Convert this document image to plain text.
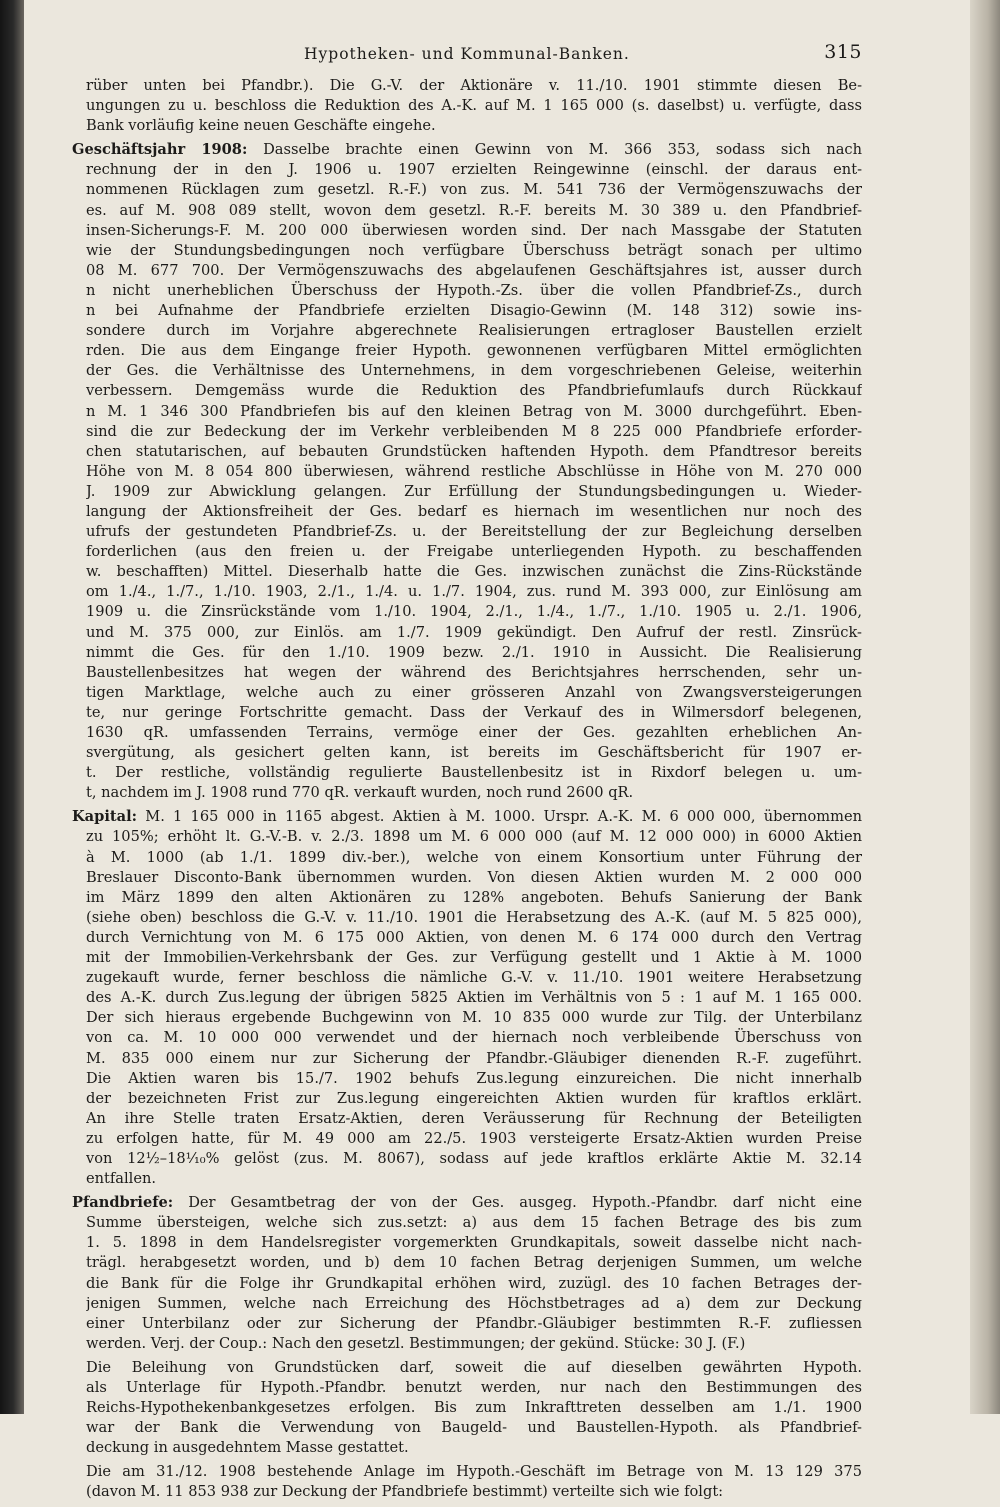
Hypotheken- und Kommunal-Banken.	315
rüber unten bei Pfandbr.). Die G.-V. der Aktionäre v. 11./10. 1901 stimmte diesen Be-
ungungen zu u. beschloss die Reduktion des A.-K. auf M. 1 165 000 (s. daselbst) u. verfügte, dass
Bank vorläufig keine neuen Geschäfte eingehe.
Geschäftsjahr 1908: Dasselbe brachte einen Gewinn von M. 366 353, sodass sich nach
rechnung der in den J. 1906 u. 1907 erzielten Reingewinne (einschl. der daraus ent-
nommenen Rücklagen zum gesetzl. R.-F.) von zus. M. 541 736 der Vermögenszuwachs der
es. auf M. 908 089 stellt, wovon dem gesetzl. R.-F. bereits M. 30 389 u. den Pfandbrief-
insen-Sicherungs-F. M. 200 000 überwiesen worden sind. Der nach Massgabe der Statuten
wie der Stundungsbedingungen noch verfügbare Überschuss beträgt sonach per ultimo
08 M. 677 700. Der Vermögenszuwachs des abgelaufenen Geschäftsjahres ist, ausser durch
n nicht unerheblichen Überschuss der Hypoth.-Zs. über die vollen Pfandbrief-Zs., durch
n bei Aufnahme der Pfandbriefe erzielten Disagio-Gewinn (M. 148 312) sowie ins-
sondere durch im Vorjahre abgerechnete Realisierungen ertragloser Baustellen erzielt
rden. Die aus dem Eingange freier Hypoth. gewonnenen verfügbaren Mittel ermöglichten
der Ges. die Verhältnisse des Unternehmens, in dem vorgeschriebenen Geleise, weiterhin
verbessern. Demgemäss wurde die Reduktion des Pfandbriefumlaufs durch Rückkauf
n M. 1 346 300 Pfandbriefen bis auf den kleinen Betrag von M. 3000 durchgeführt. Eben-
sind die zur Bedeckung der im Verkehr verbleibenden M 8 225 000 Pfandbriefe erforder-
chen statutarischen, auf bebauten Grundstücken haftenden Hypoth. dem Pfandtresor bereits
Höhe von M. 8 054 800 überwiesen, während restliche Abschlüsse in Höhe von M. 270 000
J. 1909 zur Abwicklung gelangen. Zur Erfüllung der Stundungsbedingungen u. Wieder-
langung der Aktionsfreiheit der Ges. bedarf es hiernach im wesentlichen nur noch des
ufrufs der gestundeten Pfandbrief-Zs. u. der Bereitstellung der zur Begleichung derselben
forderlichen (aus den freien u. der Freigabe unterliegenden Hypoth. zu beschaffenden
w. beschafften) Mittel. Dieserhalb hatte die Ges. inzwischen zunächst die Zins-Rückstände
om 1./4., 1./7., 1./10. 1903, 2./1., 1./4. u. 1./7. 1904, zus. rund M. 393 000, zur Einlösung am
1909 u. die Zinsrückstände vom 1./10. 1904, 2./1., 1./4., 1./7., 1./10. 1905 u. 2./1. 1906,
und M. 375 000, zur Einlös. am 1./7. 1909 gekündigt. Den Aufruf der restl. Zinsrück-
nimmt die Ges. für den 1./10. 1909 bezw. 2./1. 1910 in Aussicht. Die Realisierung
Baustellenbesitzes hat wegen der während des Berichtsjahres herrschenden, sehr un-
tigen Marktlage, welche auch zu einer grösseren Anzahl von Zwangsversteigerungen
te, nur geringe Fortschritte gemacht. Dass der Verkauf des in Wilmersdorf belegenen,
1630 qR. umfassenden Terrains, vermöge einer der Ges. gezahlten erheblichen An-
svergütung, als gesichert gelten kann, ist bereits im Geschäftsbericht für 1907 er-
t. Der restliche, vollständig regulierte Baustellenbesitz ist in Rixdorf belegen u. um-
t, nachdem im J. 1908 rund 770 qR. verkauft wurden, noch rund 2600 qR.
Kapital: M. 1 165 000 in 1165 abgest. Aktien à M. 1000. Urspr. A.-K. M. 6 000 000, übernommen
zu 105%; erhöht lt. G.-V.-B. v. 2./3. 1898 um M. 6 000 000 (auf M. 12 000 000) in 6000 Aktien
à M. 1000 (ab 1./1. 1899 div.-ber.), welche von einem Konsortium unter Führung der
Breslauer Disconto-Bank übernommen wurden. Von diesen Aktien wurden M. 2 000 000
im März 1899 den alten Aktionären zu 128% angeboten. Behufs Sanierung der Bank
(siehe oben) beschloss die G.-V. v. 11./10. 1901 die Herabsetzung des A.-K. (auf M. 5 825 000),
durch Vernichtung von M. 6 175 000 Aktien, von denen M. 6 174 000 durch den Vertrag
mit der Immobilien-Verkehrsbank der Ges. zur Verfügung gestellt und 1 Aktie à M. 1000
zugekauft wurde, ferner beschloss die nämliche G.-V. v. 11./10. 1901 weitere Herabsetzung
des A.-K. durch Zus.legung der übrigen 5825 Aktien im Verhältnis von 5 : 1 auf M. 1 165 000.
Der sich hieraus ergebende Buchgewinn von M. 10 835 000 wurde zur Tilg. der Unterbilanz
von ca. M. 10 000 000 verwendet und der hiernach noch verbleibende Überschuss von
M. 835 000 einem nur zur Sicherung der Pfandbr.-Gläubiger dienenden R.-F. zugeführt.
Die Aktien waren bis 15./7. 1902 behufs Zus.legung einzureichen. Die nicht innerhalb
der bezeichneten Frist zur Zus.legung eingereichten Aktien wurden für kraftlos erklärt.
An ihre Stelle traten Ersatz-Aktien, deren Veräusserung für Rechnung der Beteiligten
zu erfolgen hatte, für M. 49 000 am 22./5. 1903 versteigerte Ersatz-Aktien wurden Preise
von 12½–18¹⁄₁₀% gelöst (zus. M. 8067), sodass auf jede kraftlos erklärte Aktie M. 32.14
entfallen.
Pfandbriefe: Der Gesamtbetrag der von der Ges. ausgeg. Hypoth.-Pfandbr. darf nicht eine
Summe übersteigen, welche sich zus.setzt: a) aus dem 15 fachen Betrage des bis zum
1. 5. 1898 in dem Handelsregister vorgemerkten Grundkapitals, soweit dasselbe nicht nach-
trägl. herabgesetzt worden, und b) dem 10 fachen Betrag derjenigen Summen, um welche
die Bank für die Folge ihr Grundkapital erhöhen wird, zuzügl. des 10 fachen Betrages der-
jenigen Summen, welche nach Erreichung des Höchstbetrages ad a) dem zur Deckung
einer Unterbilanz oder zur Sicherung der Pfandbr.-Gläubiger bestimmten R.-F. zufliessen
werden. Verj. der Coup.: Nach den gesetzl. Bestimmungen; der gekünd. Stücke: 30 J. (F.)
Die Beleihung von Grundstücken darf, soweit die auf dieselben gewährten Hypoth.
als Unterlage für Hypoth.-Pfandbr. benutzt werden, nur nach den Bestimmungen des
Reichs-Hypothekenbankgesetzes erfolgen. Bis zum Inkrafttreten desselben am 1./1. 1900
war der Bank die Verwendung von Baugeld- und Baustellen-Hypoth. als Pfandbrief-
deckung in ausgedehntem Masse gestattet.
Die am 31./12. 1908 bestehende Anlage im Hypoth.-Geschäft im Betrage von M. 13 129 375
(davon M. 11 853 938 zur Deckung der Pfandbriefe bestimmt) verteilte sich wie folgt:
